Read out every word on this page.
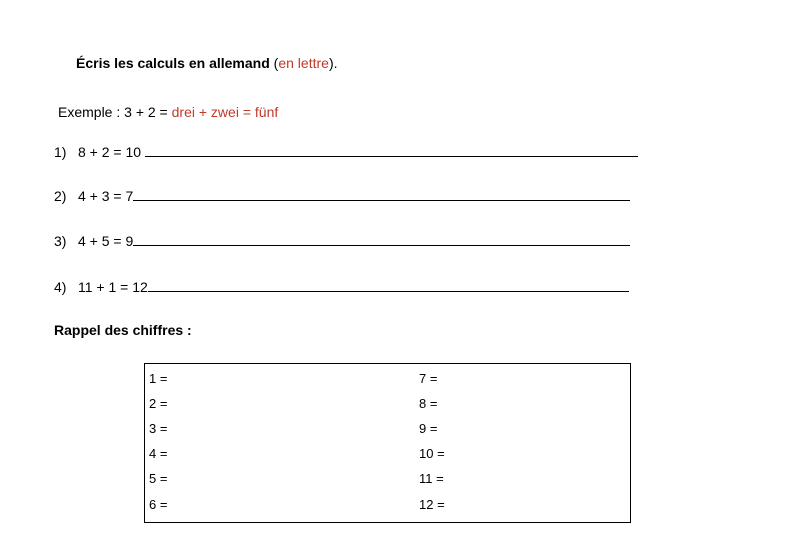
Écris les calculs en allemand (en lettre).
Exemple : 3 + 2 = drei + zwei = fünf
1) 8 + 2 = 10
2) 4 + 3 = 7
3) 4 + 5 = 9
4) 11 + 1 = 12
Rappel des chiffres :
1 =
2 =
3 =
4 =
5 =
6 =
7 =
8 =
9 =
10 =
11 =
12 =
